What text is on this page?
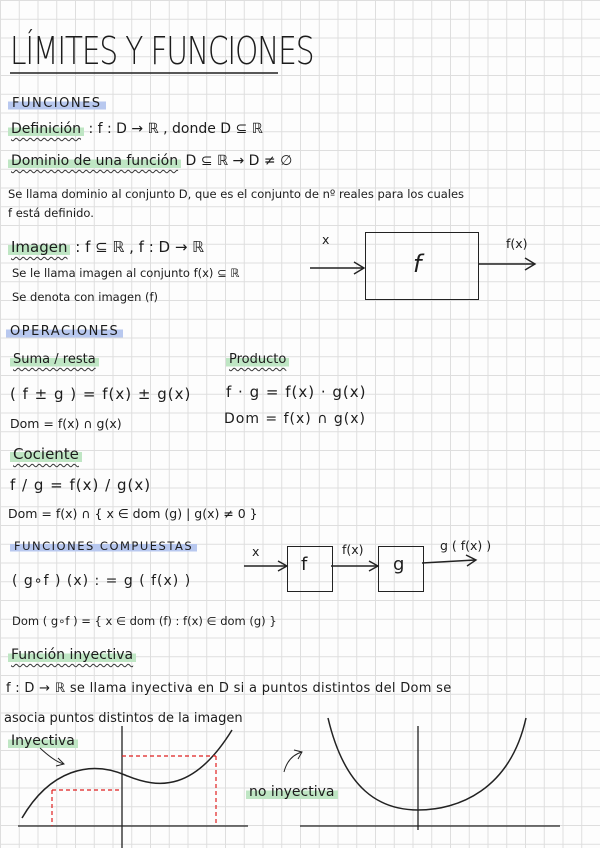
LÍMITES Y FUNCIONES
FUNCIONES
Definición : f : D → ℝ , donde D ⊆ ℝ
Dominio de una función D ⊆ ℝ → D ≠ ∅
Se llama dominio al conjunto D, que es el conjunto de nº reales para los cuales
f está definido.
Imagen : f ⊆ ℝ , f : D → ℝ
Se le llama imagen al conjunto f(x) ⊆ ℝ
Se denota con imagen (f)
x
f
f(x)
OPERACIONES
Suma / resta
( f ± g ) = f(x) ± g(x)
Dom = f(x) ∩ g(x)
Producto
f · g = f(x) · g(x)
Dom = f(x) ∩ g(x)
Cociente
f / g = f(x) / g(x)
Dom = f(x) ∩ { x ∈ dom (g) | g(x) ≠ 0 }
FUNCIONES COMPUESTAS
( g∘f ) (x) : = g ( f(x) )
Dom ( g∘f ) = { x ∈ dom (f) : f(x) ∈ dom (g) }
x
f
f(x)
g
g ( f(x) )
Función inyectiva
f : D → ℝ se llama inyectiva en D si a puntos distintos del Dom se
asocia puntos distintos de la imagen
Inyectiva
no inyectiva
